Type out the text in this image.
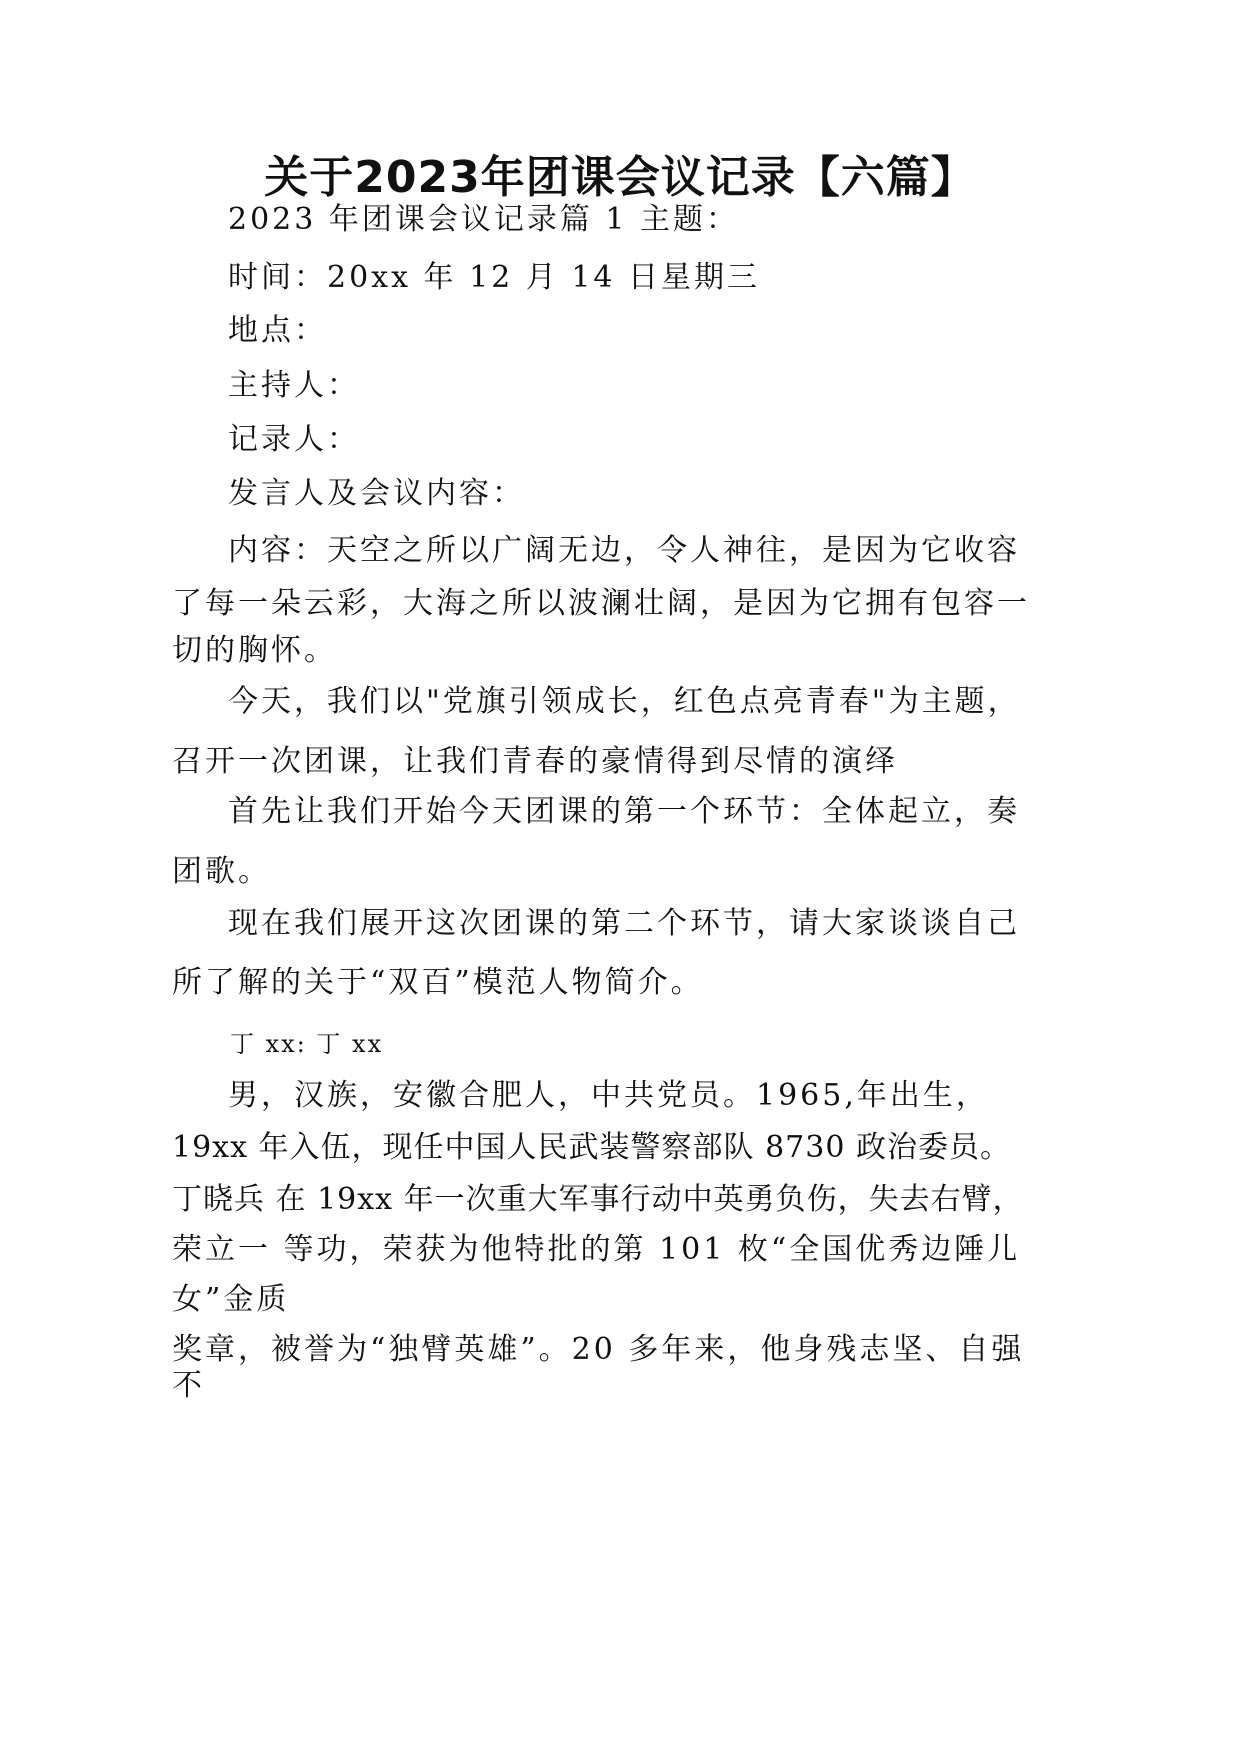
关于2023年团课会议记录【六篇】

2023 年团课会议记录篇 1 主题：

时间：20xx 年 12 月 14 日星期三

地点：

主持人：

记录人：

发言人及会议内容：

内容：天空之所以广阔无边，令人神往，是因为它收容

了每一朵云彩，大海之所以波澜壮阔，是因为它拥有包容一

切的胸怀。

今天，我们以"党旗引领成长，红色点亮青春"为主题，

召开一次团课，让我们青春的豪情得到尽情的演绎

首先让我们开始今天团课的第一个环节：全体起立，奏

团歌。

现在我们展开这次团课的第二个环节，请大家谈谈自己

所了解的关于“双百”模范人物简介。

丁 xx: 丁 xx

男，汉族，安徽合肥人，中共党员。1965,年出生，

19xx 年入伍，现任中国人民武装警察部队 8730 政治委员。

丁晓兵 在 19xx 年一次重大军事行动中英勇负伤，失去右臂，

荣立一 等功，荣获为他特批的第 101 枚“全国优秀边陲儿

女”金质

奖章，被誉为“独臂英雄”。20 多年来，他身残志坚、自强

不
